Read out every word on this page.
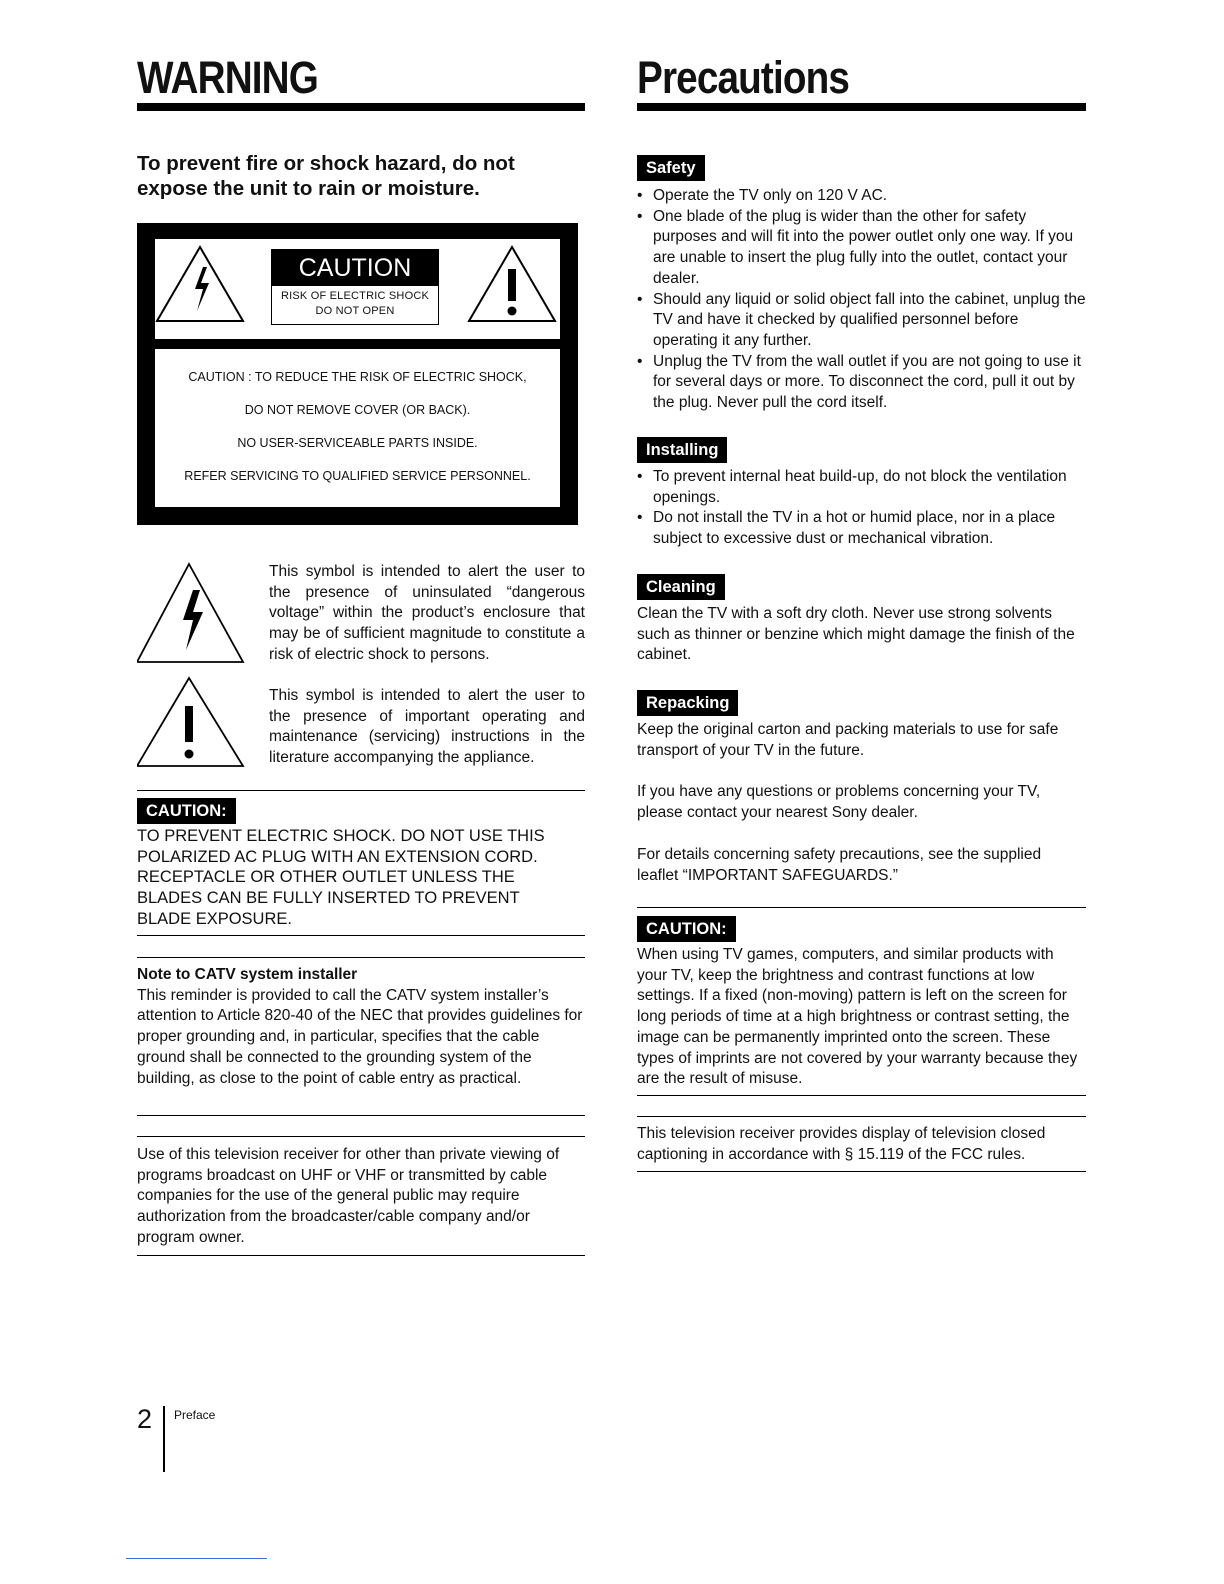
WARNING
To prevent fire or shock hazard, do not expose the unit to rain or moisture.
CAUTION
RISK OF ELECTRIC SHOCK
DO NOT OPEN

CAUTION : TO REDUCE THE RISK OF ELECTRIC SHOCK,

DO NOT REMOVE COVER (OR BACK).

NO USER-SERVICEABLE PARTS INSIDE.

REFER SERVICING TO QUALIFIED SERVICE PERSONNEL.

This symbol is intended to alert the user to the presence of uninsulated “dangerous voltage” within the product’s enclosure that may be of sufficient magnitude to constitute a risk of electric shock to persons.
This symbol is intended to alert the user to the presence of important operating and maintenance (servicing) instructions in the literature accompanying the appliance.
CAUTION:
TO PREVENT ELECTRIC SHOCK. DO NOT USE THIS POLARIZED AC PLUG WITH AN EXTENSION CORD. RECEPTACLE OR OTHER OUTLET UNLESS THE BLADES CAN BE FULLY INSERTED TO PREVENT BLADE EXPOSURE.
Note to CATV system installer
This reminder is provided to call the CATV system installer’s attention to Article 820-40 of the NEC that provides guidelines for proper grounding and, in particular, specifies that the cable ground shall be connected to the grounding system of the building, as close to the point of cable entry as practical.
Use of this television receiver for other than private viewing of programs broadcast on UHF or VHF or transmitted by cable companies for the use of the general public may require authorization from the broadcaster/cable company and/or program owner.
Precautions
Safety
• Operate the TV only on 120 V AC.
• One blade of the plug is wider than the other for safety purposes and will fit into the power outlet only one way. If you are unable to insert the plug fully into the outlet, contact your dealer.
• Should any liquid or solid object fall into the cabinet, unplug the TV and have it checked by qualified personnel before operating it any further.
• Unplug the TV from the wall outlet if you are not going to use it for several days or more. To disconnect the cord, pull it out by the plug. Never pull the cord itself.
Installing
• To prevent internal heat build-up, do not block the ventilation openings.
• Do not install the TV in a hot or humid place, nor in a place subject to excessive dust or mechanical vibration.
Cleaning
Clean the TV with a soft dry cloth. Never use strong solvents such as thinner or benzine which might damage the finish of the cabinet.
Repacking
Keep the original carton and packing materials to use for safe transport of your TV in the future.
If you have any questions or problems concerning your TV, please contact your nearest Sony dealer.
For details concerning safety precautions, see the supplied leaflet “IMPORTANT SAFEGUARDS.”
CAUTION:
When using TV games, computers, and similar products with your TV, keep the brightness and contrast functions at low settings. If a fixed (non-moving) pattern is left on the screen for long periods of time at a high brightness or contrast setting, the image can be permanently imprinted onto the screen. These types of imprints are not covered by your warranty because they are the result of misuse.
This television receiver provides display of television closed captioning in accordance with § 15.119 of the FCC rules.
2 Preface
